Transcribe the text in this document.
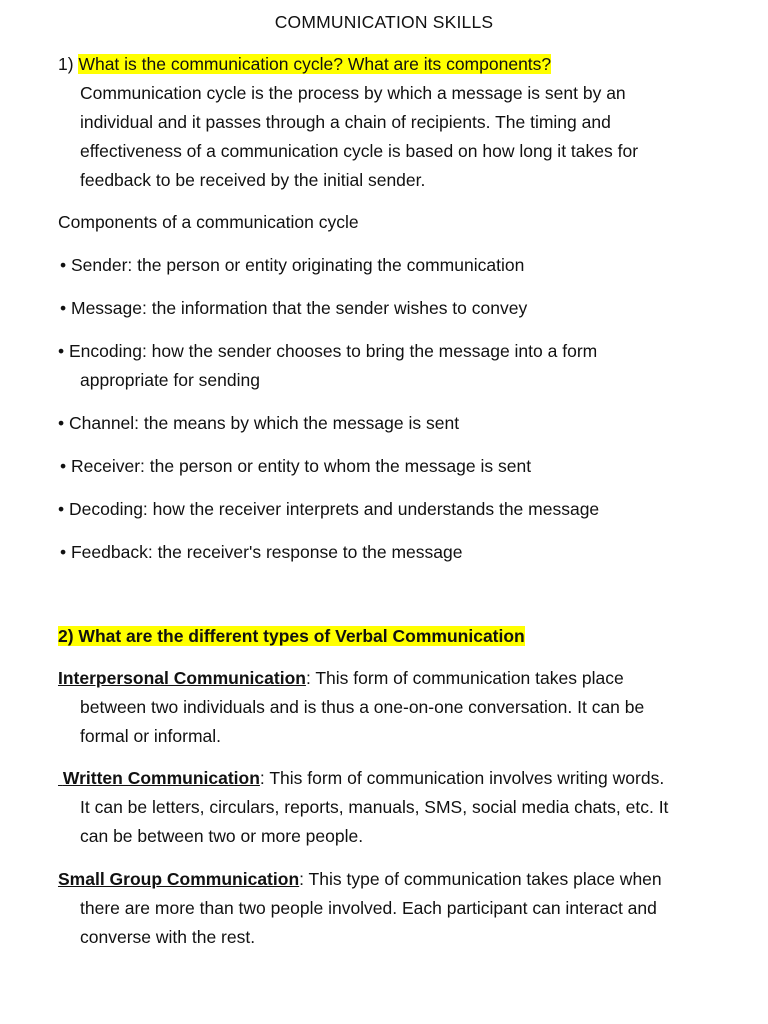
COMMUNICATION SKILLS
1) What is the communication cycle? What are its components?
Communication cycle is the process by which a message is sent by an
individual and it passes through a chain of recipients. The timing and
effectiveness of a communication cycle is based on how long it takes for
feedback to be received by the initial sender.
Components of a communication cycle
• Sender: the person or entity originating the communication
• Message: the information that the sender wishes to convey
• Encoding: how the sender chooses to bring the message into a form
appropriate for sending
• Channel: the means by which the message is sent
• Receiver: the person or entity to whom the message is sent
• Decoding: how the receiver interprets and understands the message
• Feedback: the receiver's response to the message
2) What are the different types of Verbal Communication
Interpersonal Communication: This form of communication takes place
between two individuals and is thus a one-on-one conversation. It can be
formal or informal.
Written Communication: This form of communication involves writing words.
It can be letters, circulars, reports, manuals, SMS, social media chats, etc. It
can be between two or more people.
Small Group Communication: This type of communication takes place when
there are more than two people involved. Each participant can interact and
converse with the rest.
